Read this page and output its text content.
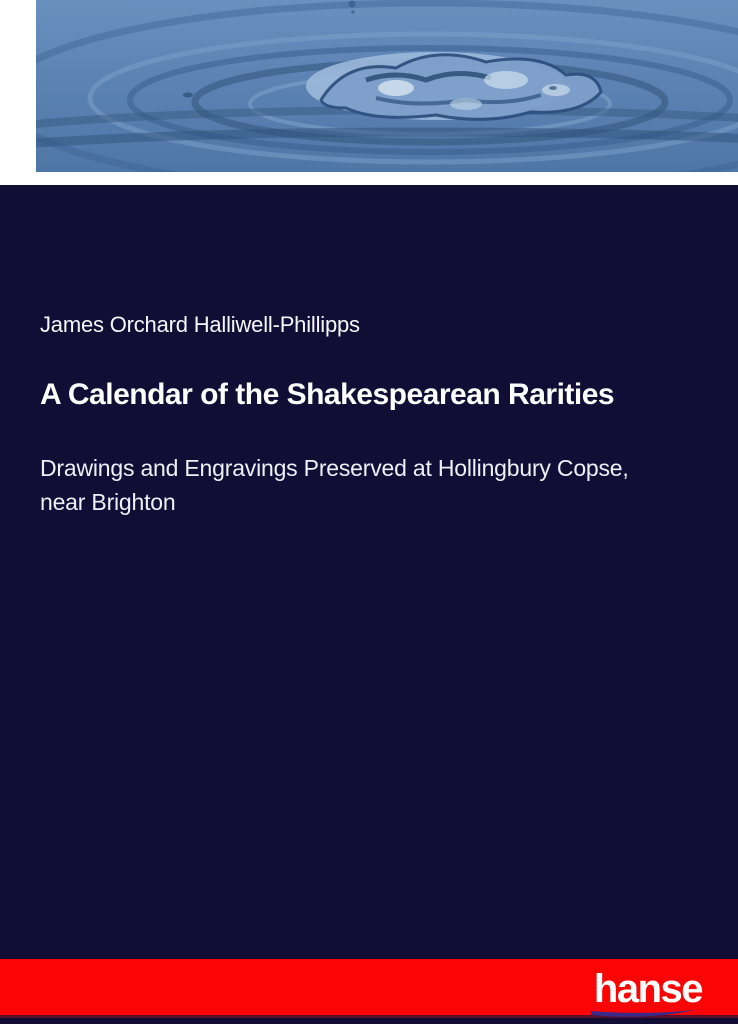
James Orchard Halliwell-Phillipps
A Calendar of the Shakespearean Rarities
Drawings and Engravings Preserved at Hollingbury Copse,
near Brighton
hanse
